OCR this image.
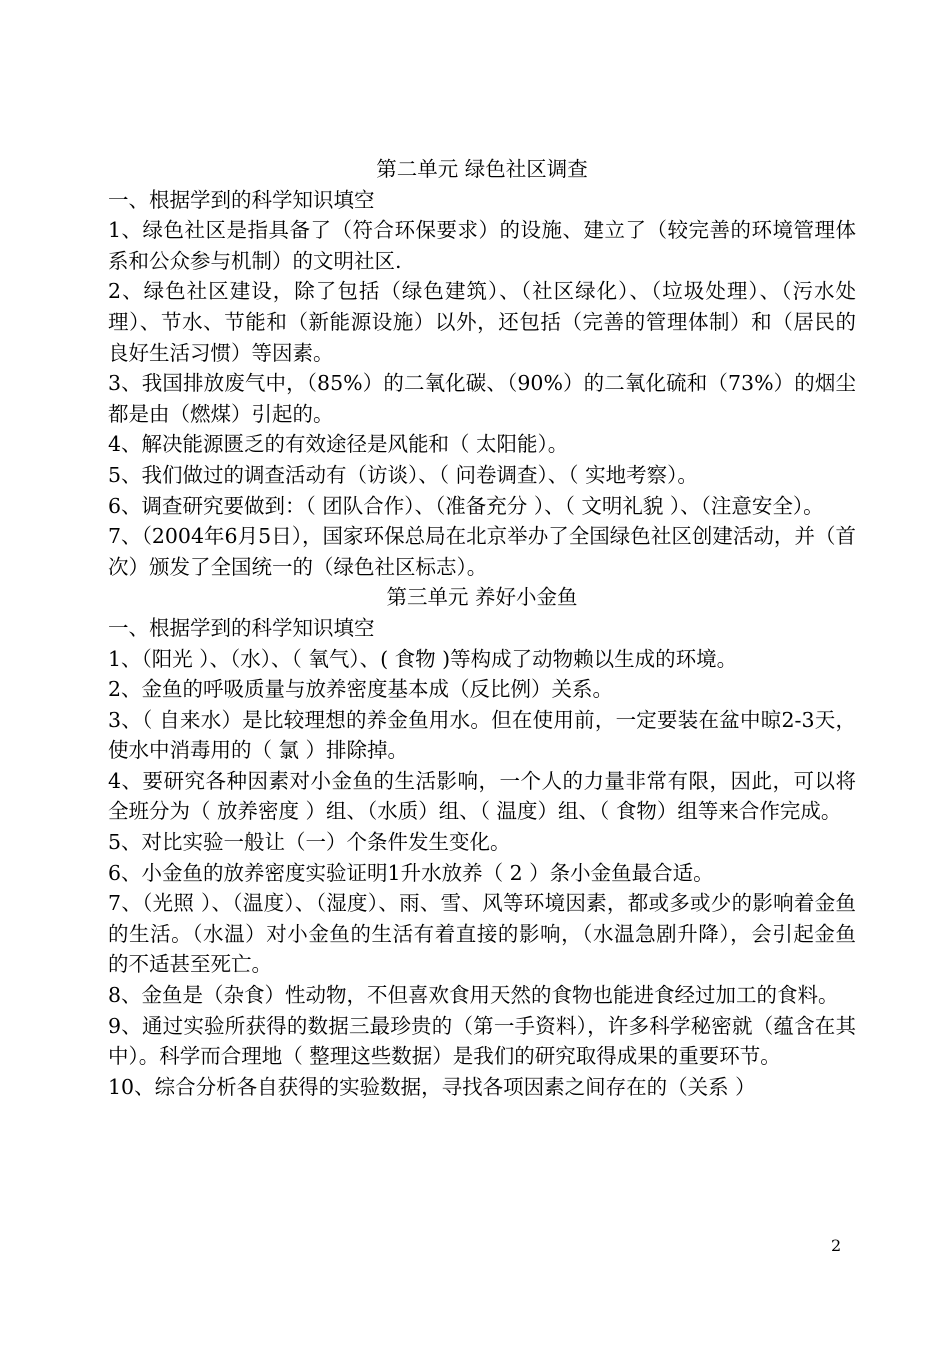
第二单元 绿色社区调查

一、根据学到的科学知识填空

1、绿色社区是指具备了（符合环保要求）的设施、建立了（较完善的环境管理体系和公众参与机制）的文明社区.

2、绿色社区建设，除了包括（绿色建筑）、（社区绿化）、（垃圾处理）、（污水处理）、节水、节能和（新能源设施）以外，还包括（完善的管理体制）和（居民的良好生活习惯）等因素。

3、我国排放废气中，（85%）的二氧化碳、（90%）的二氧化硫和（73%）的烟尘都是由（燃煤）引起的。

4、解决能源匮乏的有效途径是风能和（ 太阳能）。

5、我们做过的调查活动有（访谈）、（ 问卷调查）、（ 实地考察）。

6、调查研究要做到：（ 团队合作）、（准备充分 ）、（ 文明礼貌 ）、（注意安全）。

7、（2004年6月5日），国家环保总局在北京举办了全国绿色社区创建活动，并（首次）颁发了全国统一的（绿色社区标志）。

第三单元 养好小金鱼

一、根据学到的科学知识填空

1、（阳光 ）、（水）、（ 氧气）、( 食物 )等构成了动物赖以生成的环境。

2、金鱼的呼吸质量与放养密度基本成（反比例）关系。

3、（ 自来水）是比较理想的养金鱼用水。但在使用前，一定要装在盆中晾2-3天，使水中消毒用的（ 氯 ）排除掉。

4、要研究各种因素对小金鱼的生活影响，一个人的力量非常有限，因此，可以将全班分为（ 放养密度 ）组、（水质）组、（ 温度）组、（ 食物）组等来合作完成。

5、对比实验一般让（一）个条件发生变化。

6、小金鱼的放养密度实验证明1升水放养（ 2 ）条小金鱼最合适。

7、（光照 ）、（温度）、（湿度）、雨、雪、风等环境因素，都或多或少的影响着金鱼的生活。（水温）对小金鱼的生活有着直接的影响，（水温急剧升降），会引起金鱼的不适甚至死亡。

8、金鱼是（杂食）性动物，不但喜欢食用天然的食物也能进食经过加工的食料。

9、通过实验所获得的数据三最珍贵的（第一手资料），许多科学秘密就（蕴含在其中）。科学而合理地（ 整理这些数据）是我们的研究取得成果的重要环节。

10、综合分析各自获得的实验数据，寻找各项因素之间存在的（关系 ）

2
